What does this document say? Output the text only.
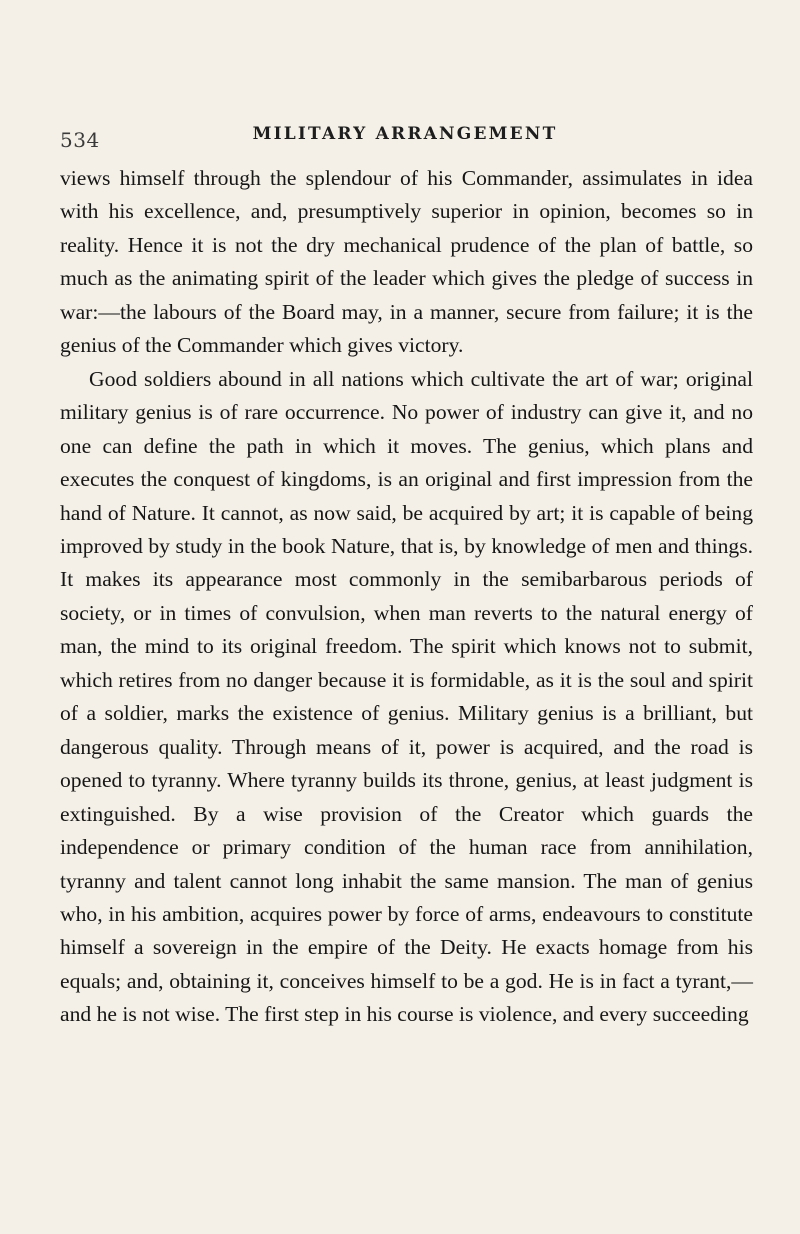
534	MILITARY ARRANGEMENT

views himself through the splendour of his Commander, assimulates in idea with his excellence, and, presumptively superior in opinion, becomes so in reality. Hence it is not the dry mechanical prudence of the plan of battle, so much as the animating spirit of the leader which gives the pledge of success in war:—the labours of the Board may, in a manner, secure from failure; it is the genius of the Commander which gives victory.

Good soldiers abound in all nations which cultivate the art of war; original military genius is of rare occurrence. No power of industry can give it, and no one can define the path in which it moves. The genius, which plans and executes the conquest of kingdoms, is an original and first impression from the hand of Nature. It cannot, as now said, be acquired by art; it is capable of being improved by study in the book Nature, that is, by knowledge of men and things. It makes its appearance most commonly in the semibarbarous periods of society, or in times of convulsion, when man reverts to the natural energy of man, the mind to its original freedom. The spirit which knows not to submit, which retires from no danger because it is formidable, as it is the soul and spirit of a soldier, marks the existence of genius. Military genius is a brilliant, but dangerous quality. Through means of it, power is acquired, and the road is opened to tyranny. Where tyranny builds its throne, genius, at least judgment is extinguished. By a wise provision of the Creator which guards the independence or primary condition of the human race from annihilation, tyranny and talent cannot long inhabit the same mansion. The man of genius who, in his ambition, acquires power by force of arms, endeavours to constitute himself a sovereign in the empire of the Deity. He exacts homage from his equals; and, obtaining it, conceives himself to be a god. He is in fact a tyrant,—and he is not wise. The first step in his course is violence, and every succeeding
